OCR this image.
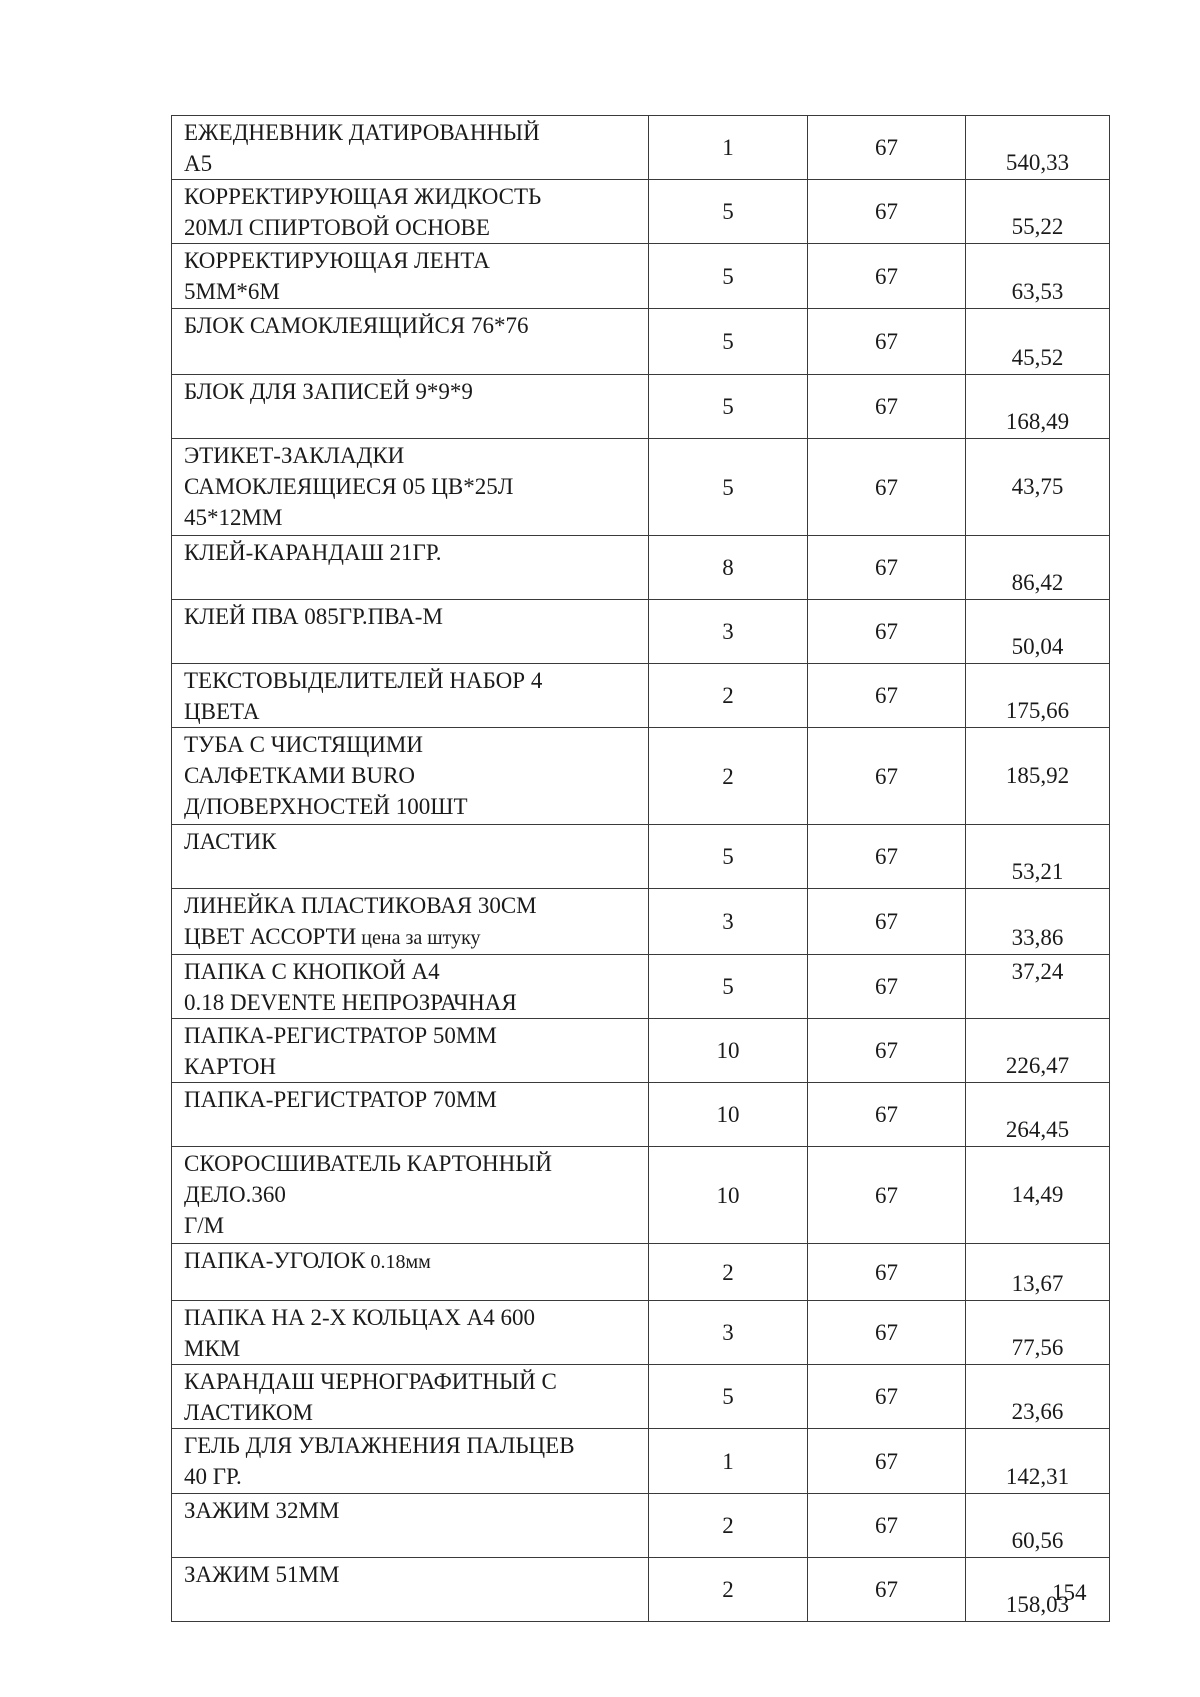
ЕЖЕДНЕВНИК ДАТИРОВАННЫЙ
А5	1	67	540,33

КОРРЕКТИРУЮЩАЯ ЖИДКОСТЬ
20МЛ СПИРТОВОЙ ОСНОВЕ	5	67	55,22

КОРРЕКТИРУЮЩАЯ ЛЕНТА
5ММ*6М	5	67	63,53

БЛОК САМОКЛЕЯЩИЙСЯ 76*76	5	67	45,52

БЛОК ДЛЯ ЗАПИСЕЙ 9*9*9	5	67	168,49

ЭТИКЕТ-ЗАКЛАДКИ
САМОКЛЕЯЩИЕСЯ 05 ЦВ*25Л
45*12ММ	5	67	43,75

КЛЕЙ-КАРАНДАШ 21ГР.	8	67	86,42

КЛЕЙ ПВА 085ГР.ПВА-М	3	67	50,04

ТЕКСТОВЫДЕЛИТЕЛЕЙ НАБОР 4
ЦВЕТА	2	67	175,66

ТУБА С ЧИСТЯЩИМИ
САЛФЕТКАМИ BURO
Д/ПОВЕРХНОСТЕЙ 100ШТ	2	67	185,92

ЛАСТИК	5	67	53,21

ЛИНЕЙКА ПЛАСТИКОВАЯ 30СМ
ЦВЕТ АССОРТИ цена за штуку	3	67	33,86

ПАПКА С КНОПКОЙ А4
0.18 DEVENTE НЕПРОЗРАЧНАЯ	5	67	37,24

ПАПКА-РЕГИСТРАТОР 50ММ
КАРТОН	10	67	226,47

ПАПКА-РЕГИСТРАТОР 70ММ	10	67	264,45

СКОРОСШИВАТЕЛЬ КАРТОННЫЙ
ДЕЛО.360
Г/М	10	67	14,49

ПАПКА-УГОЛОК 0.18мм	2	67	13,67

ПАПКА НА 2-Х КОЛЬЦАХ А4 600
МКМ	3	67	77,56

КАРАНДАШ ЧЕРНОГРАФИТНЫЙ С
ЛАСТИКОМ	5	67	23,66

ГЕЛЬ ДЛЯ УВЛАЖНЕНИЯ ПАЛЬЦЕВ
40 ГР.	1	67	142,31

ЗАЖИМ 32ММ	2	67	60,56

ЗАЖИМ 51ММ	2	67	158,03
154
